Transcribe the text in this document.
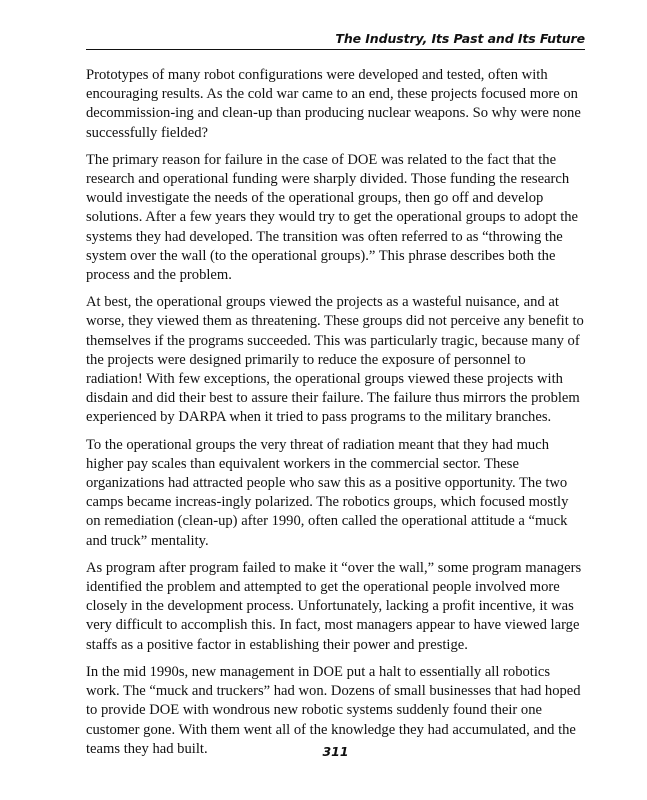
The Industry, Its Past and Its Future

Prototypes of many robot configurations were developed and tested, often with encouraging results. As the cold war came to an end, these projects focused more on decommission-ing and clean-up than producing nuclear weapons. So why were none successfully fielded?

The primary reason for failure in the case of DOE was related to the fact that the research and operational funding were sharply divided. Those funding the research would investigate the needs of the operational groups, then go off and develop solutions. After a few years they would try to get the operational groups to adopt the systems they had developed. The transition was often referred to as “throwing the system over the wall (to the operational groups).” This phrase describes both the process and the problem.

At best, the operational groups viewed the projects as a wasteful nuisance, and at worse, they viewed them as threatening. These groups did not perceive any benefit to themselves if the programs succeeded. This was particularly tragic, because many of the projects were designed primarily to reduce the exposure of personnel to radiation! With few exceptions, the operational groups viewed these projects with disdain and did their best to assure their failure. The failure thus mirrors the problem experienced by DARPA when it tried to pass programs to the military branches.

To the operational groups the very threat of radiation meant that they had much higher pay scales than equivalent workers in the commercial sector. These organizations had attracted people who saw this as a positive opportunity. The two camps became increas-ingly polarized. The robotics groups, which focused mostly on remediation (clean-up) after 1990, often called the operational attitude a “muck and truck” mentality.

As program after program failed to make it “over the wall,” some program managers identified the problem and attempted to get the operational people involved more closely in the development process. Unfortunately, lacking a profit incentive, it was very difficult to accomplish this. In fact, most managers appear to have viewed large staffs as a positive factor in establishing their power and prestige.

In the mid 1990s, new management in DOE put a halt to essentially all robotics work. The “muck and truckers” had won. Dozens of small businesses that had hoped to provide DOE with wondrous new robotic systems suddenly found their one customer gone. With them went all of the knowledge they had accumulated, and the teams they had built.	311
